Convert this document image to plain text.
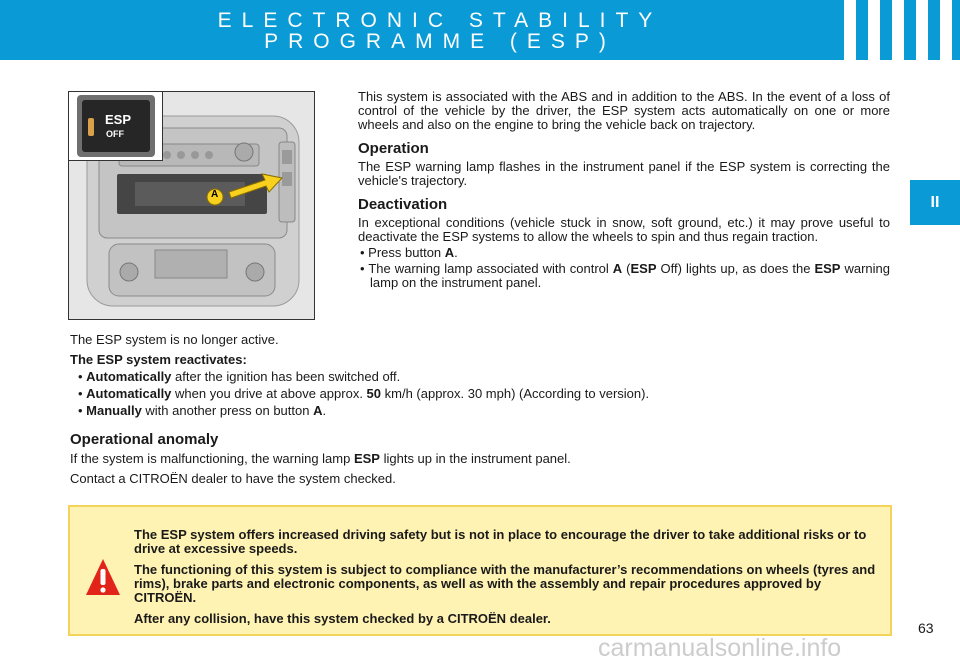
ELECTRONIC STABILITY
PROGRAMME (ESP)
II
A
ESP
OFF

This system is associated with the ABS and in addition to the ABS. In the event of a loss of control of the vehicle by the driver, the ESP system acts automatically on one or more wheels and also on the engine to bring the vehicle back on trajectory.

Operation

The ESP warning lamp flashes in the instrument panel if the ESP system is correcting the vehicle's trajectory.

Deactivation

In exceptional conditions (vehicle stuck in snow, soft ground, etc.) it may prove useful to deactivate the ESP systems to allow the wheels to spin and thus regain traction.

• Press button A.
• The warning lamp associated with control A (ESP Off) lights up, as does the ESP warning lamp on the instrument panel.

The ESP system is no longer active.

The ESP system reactivates:

• Automatically after the ignition has been switched off.
• Automatically when you drive at above approx. 50 km/h (approx. 30 mph) (According to version).
• Manually with another press on button A.
Operational anomaly

If the system is malfunctioning, the warning lamp ESP lights up in the instrument panel.

Contact a CITROËN dealer to have the system checked.

The ESP system offers increased driving safety but is not in place to encourage the driver to take additional risks or to drive at excessive speeds.

The functioning of this system is subject to compliance with the manufacturer’s recommendations on wheels (tyres and rims), brake parts and electronic components, as well as with the assembly and repair procedures approved by CITROËN.

After any collision, have this system checked by a CITROËN dealer.

63
carmanualsonline.info
